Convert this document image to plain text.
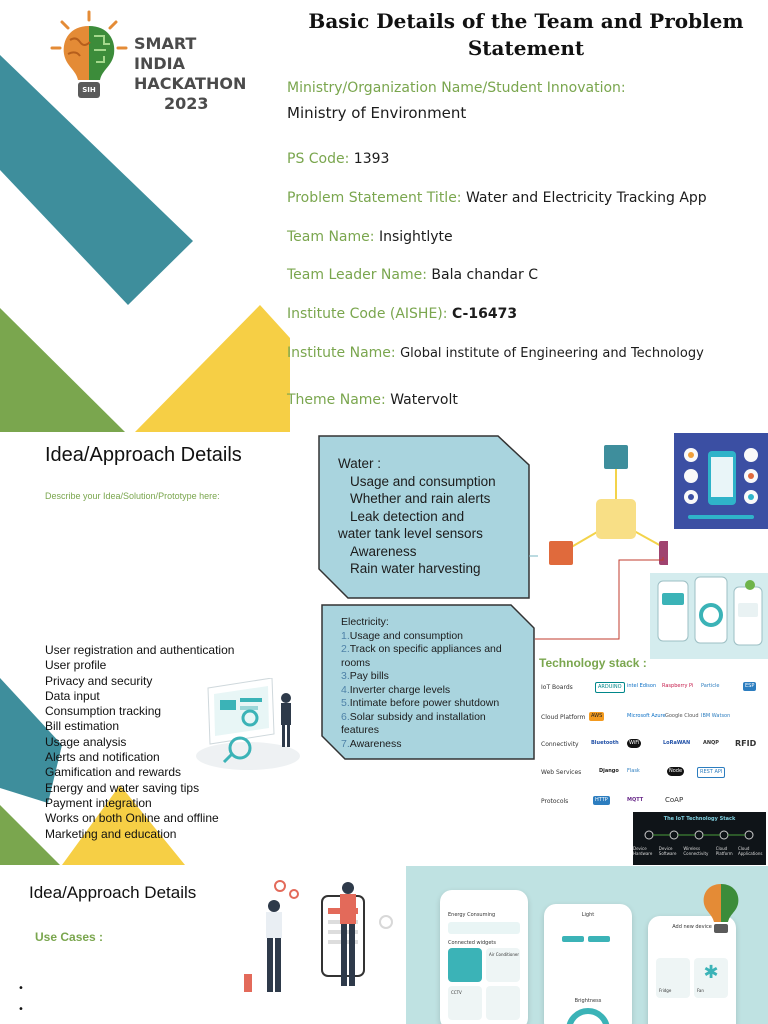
SIH
SMART INDIA
HACKATHON
2023
Basic Details of the Team and Problem Statement
Ministry/Organization Name/Student Innovation:
Ministry of Environment
PS Code: 1393
Problem Statement Title: Water and Electricity Tracking App
Team Name: Insightlyte
Team Leader Name: Bala chandar C
Institute Code (AISHE): C-16473
Institute Name: Global institute of Engineering and Technology
Theme Name: Watervolt
Idea/Approach Details
Describe your Idea/Solution/Prototype here:
Water :
Usage and consumption
Whether and rain alerts
Leak detection and
water tank level sensors
Awareness
Rain water harvesting
Electricity:
1.Usage and consumption
2.Track on specific appliances and rooms
3.Pay bills
4.Inverter charge levels
5.Intimate before power shutdown
6.Solar subsidy and installation features
7.Awareness
Technology stack :
IoT Boards	ARDUINO	intel Edison	Raspberry Pi	Particle	ESP
Cloud Platform	AWS	Microsoft Azure Google Cloud IBM Watson
Connectivity	Bluetooth	WiFi	LoRaWAN	ANQP RFID
Web Services	Django	Flask	Node	REST API
Protocols	HTTP	MQTT	CoAP
The IoT Technology Stack
Device Hardware
Device Software
Wireless Connectivity
Cloud Platform
Cloud Applications
User registration and authentication
User profile
Privacy and security
Data input
Consumption tracking
Bill estimation
Usage analysis
Alerts and notification
Gamification and rewards
Energy and water saving tips
Payment integration
Works on both Online and offline
Marketing and education
Idea/Approach Details
Use Cases :
•
•
Energy Consuming
Connected widgets
Air Conditioner
CCTV
Light
Brightness
Add new device
Fridge
✱
Fan
